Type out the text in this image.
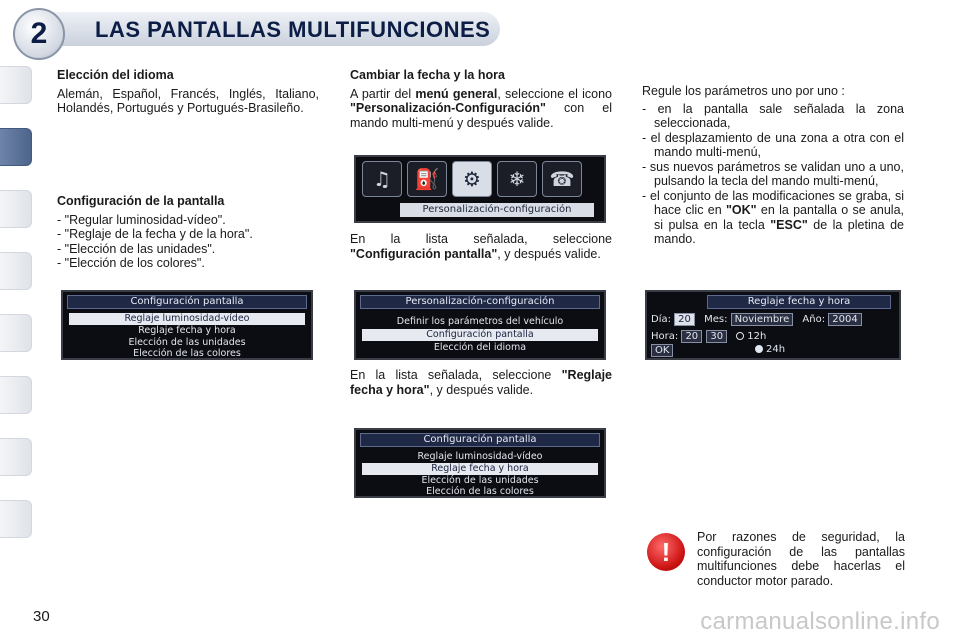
2	LAS PANTALLAS MULTIFUNCIONES
Elección del idioma

Alemán, Español, Francés, Inglés, Italiano, Holandés, Portugués y Portugués-Brasileño.

Configuración de la pantalla
- "Regular luminosidad-vídeo".
- "Reglaje de la fecha y de la hora".
- "Elección de las unidades".
- "Elección de los colores".
Configuración pantalla
Reglaje luminosidad-vídeo
Reglaje fecha y hora
Elección de las unidades
Elección de las colores
Cambiar la fecha y la hora

A partir del menú general, seleccione el icono "Personalización-Configuración" con el mando multi-menú y después valide.

♫	⛽	⚙	❄	☎
Personalización-configuración

En la lista señalada, seleccione "Configuración pantalla", y después valide.

Personalización-configuración
Definir los parámetros del vehículo
Configuración pantalla
Elección del idioma

En la lista señalada, seleccione "Reglaje fecha y hora", y después valide.

Configuración pantalla
Reglaje luminosidad-vídeo
Reglaje fecha y hora
Elección de las unidades
Elección de las colores

Regule los parámetros uno por uno :

- en la pantalla sale señalada la zona seleccionada,
- el desplazamiento de una zona a otra con el mando multi-menú,
- sus nuevos parámetros se validan uno a uno, pulsando la tecla del mando multi-menú,
- el conjunto de las modificaciones se graba, si hace clic en "OK" en la pantalla o se anula, si pulsa en la tecla "ESC" de la pletina de mando.
Reglaje fecha y hora
Día: 20 Mes: Noviembre Año: 2004
Hora: 20 30 12h
24h
OK
!	Por razones de seguridad, la configuración de las pantallas multifunciones debe hacerlas el conductor motor parado.

30	carmanualsonline.info
